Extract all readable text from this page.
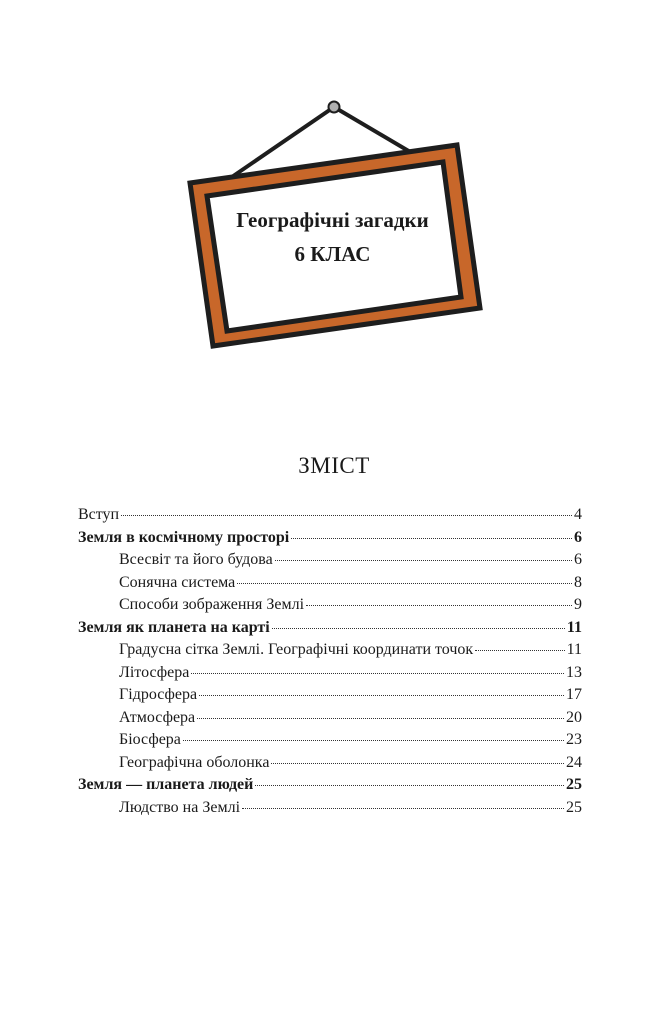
Географічні загадки
6 КЛАС
ЗМІСТ
Вступ	4
Земля в космічному просторі	6
Всесвіт та його будова	6
Сонячна система	8
Способи зображення Землі	9
Земля як планета на карті	11
Градусна сітка Землі. Географічні координати точок	11
Літосфера	13
Гідросфера	17
Атмосфера	20
Біосфера	23
Географічна оболонка	24
Земля — планета людей	25
Людство на Землі	25
